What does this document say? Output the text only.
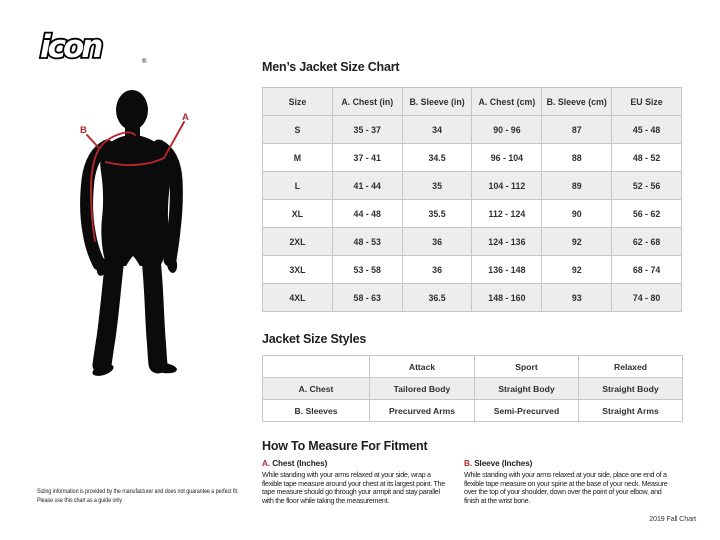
icon	®
A
B
Men’s Jacket Size Chart
Size	A. Chest (in)	B. Sleeve (in)	A. Chest (cm)	B. Sleeve (cm)	EU Size
S	35 - 37	34	90 - 96	87	45 - 48
M	37 - 41	34.5	96 - 104	88	48 - 52
L	41 - 44	35	104 - 112	89	52 - 56
XL	44 - 48	35.5	112 - 124	90	56 - 62
2XL	48 - 53	36	124 - 136	92	62 - 68
3XL	53 - 58	36	136 - 148	92	68 - 74
4XL	58 - 63	36.5	148 - 160	93	74 - 80
Jacket Size Styles
	Attack	Sport	Relaxed
A. Chest	Tailored Body	Straight Body	Straight Body
B. Sleeves	Precurved Arms	Semi-Precurved	Straight Arms
How To Measure For Fitment
A. Chest (Inches)
While standing with your arms relaxed at your side, wrap a flexible tape measure around your chest at its largest point. The tape measure should go through your armpit and stay parallel with the floor while taking the measurement.
B. Sleeve (Inches)
While standing with your arms relaxed at your side, place one end of a flexible tape measure on your spine at the base of your neck. Measure over the top of your shoulder, down over the point of your elbow, and finish at the wrist bone.
2019 Fall Chart
Sizing information is provided by the manufacturer and does not guarantee a perfect fit. Please use this chart as a guide only
